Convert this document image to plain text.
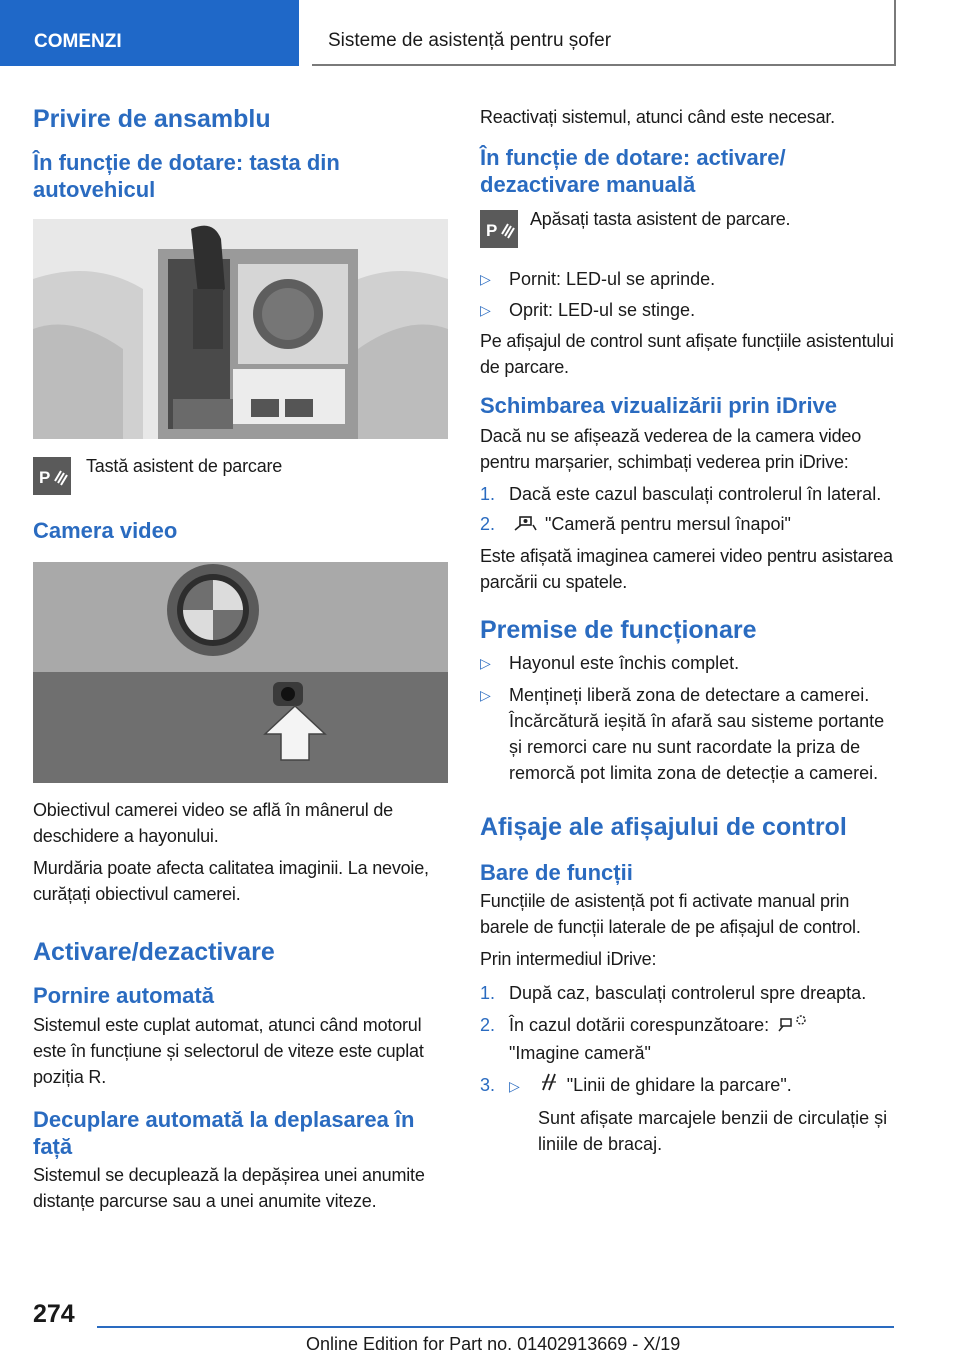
COMENZI	Sisteme de asistență pentru șofer
Privire de ansamblu
În funcție de dotare: tasta din autovehicul
P

Tastă asistent de parcare

Camera video

Obiectivul camerei video se află în mânerul de deschidere a hayonului.

Murdăria poate afecta calitatea imaginii. La nevoie, curățați obiectivul camerei.

Activare/dezactivare
Pornire automată

Sistemul este cuplat automat, atunci când motorul este în funcțiune și selectorul de viteze este cuplat poziția R.

Decuplare automată la deplasarea în față

Sistemul se decuplează la depășirea unei anumite distanțe parcurse sau a unei anumite viteze.

Reactivați sistemul, atunci când este necesar.

În funcție de dotare: activare/ dezactivare manuală
P

Apăsați tasta asistent de parcare.

▷ Pornit: LED-ul se aprinde.
▷ Oprit: LED-ul se stinge.

Pe afișajul de control sunt afișate funcțiile asistentului de parcare.

Schimbarea vizualizării prin iDrive

Dacă nu se afișează vederea de la camera video pentru marșarier, schimbați vederea prin iDrive:

1. Dacă este cazul basculați controlerul în lateral.
2.	"Cameră pentru mersul înapoi"

Este afișată imaginea camerei video pentru asistarea parcării cu spatele.

Premise de funcționare
▷ Hayonul este închis complet.
▷ Mențineți liberă zona de detectare a camerei. Încărcătură ieșită în afară sau sisteme portante și remorci care nu sunt racordate la priza de remorcă pot limita zona de detecție a camerei.
Afișaje ale afișajului de control
Bare de funcții

Funcțiile de asistență pot fi activate manual prin barele de funcții laterale de pe afișajul de control.

Prin intermediul iDrive:

1. După caz, basculați controlerul spre dreapta.
2. În cazul dotării corespunzătoare:
"Imagine cameră"
3. ▷	"Linii de ghidare la parcare".
Sunt afișate marcajele benzii de circulație și liniile de bracaj.
274
Online Edition for Part no. 01402913669 - X/19
